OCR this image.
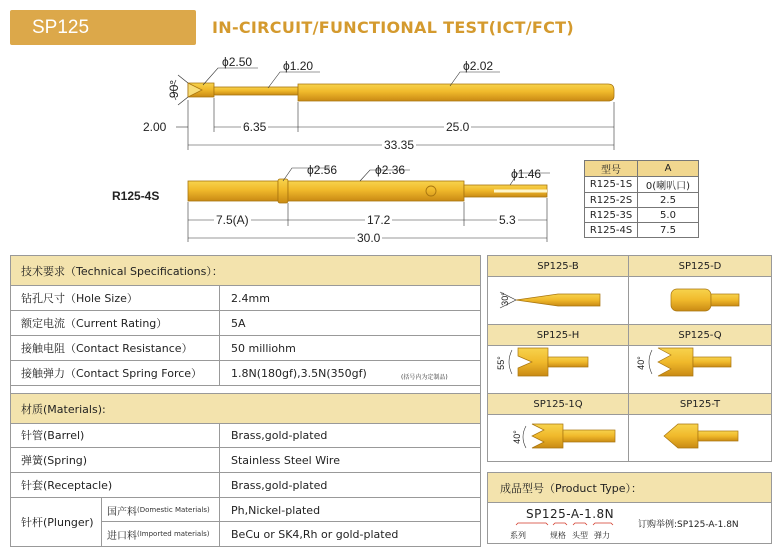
SP125	IN-CIRCUIT/FUNCTIONAL TEST(ICT/FCT)
90°
ϕ2.50	ϕ1.20	ϕ2.02
2.00	6.35	25.0
33.35
R125-4S
ϕ2.56	ϕ2.36	ϕ1.46
7.5(A)	17.2	5.3
30.0
型号	A
R125-1S	0(喇叭口)
R125-2S	2.5
R125-3S	5.0
R125-4S	7.5
技术要求（Technical Specifications）：
钻孔尺寸（Hole Size）	2.4mm
额定电流（Current Rating）	5A
接触电阻（Contact Resistance）	50 milliohm
接触弹力（Contact Spring Force）	1.8N(180gf),3.5N(350gf)	(括号内为定制品)
材质(Materials):
针管(Barrel)	Brass,gold-plated
弹簧(Spring)	Stainless Steel Wire
针套(Receptacle)	Brass,gold-plated
针杆(Plunger)
国产料 (Domestic Materials) Ph,Nickel-plated
进口料 (Imported materials) BeCu or SK4,Rh or gold-plated
SP125-B	SP125-D
SP125-H	SP125-Q
SP125-1Q	SP125-T
30°
55°	40°
40°
成品型号（Product Type）：
SP125-A-1.8N
系列	规格 头型 弹力
订购举例:SP125-A-1.8N
